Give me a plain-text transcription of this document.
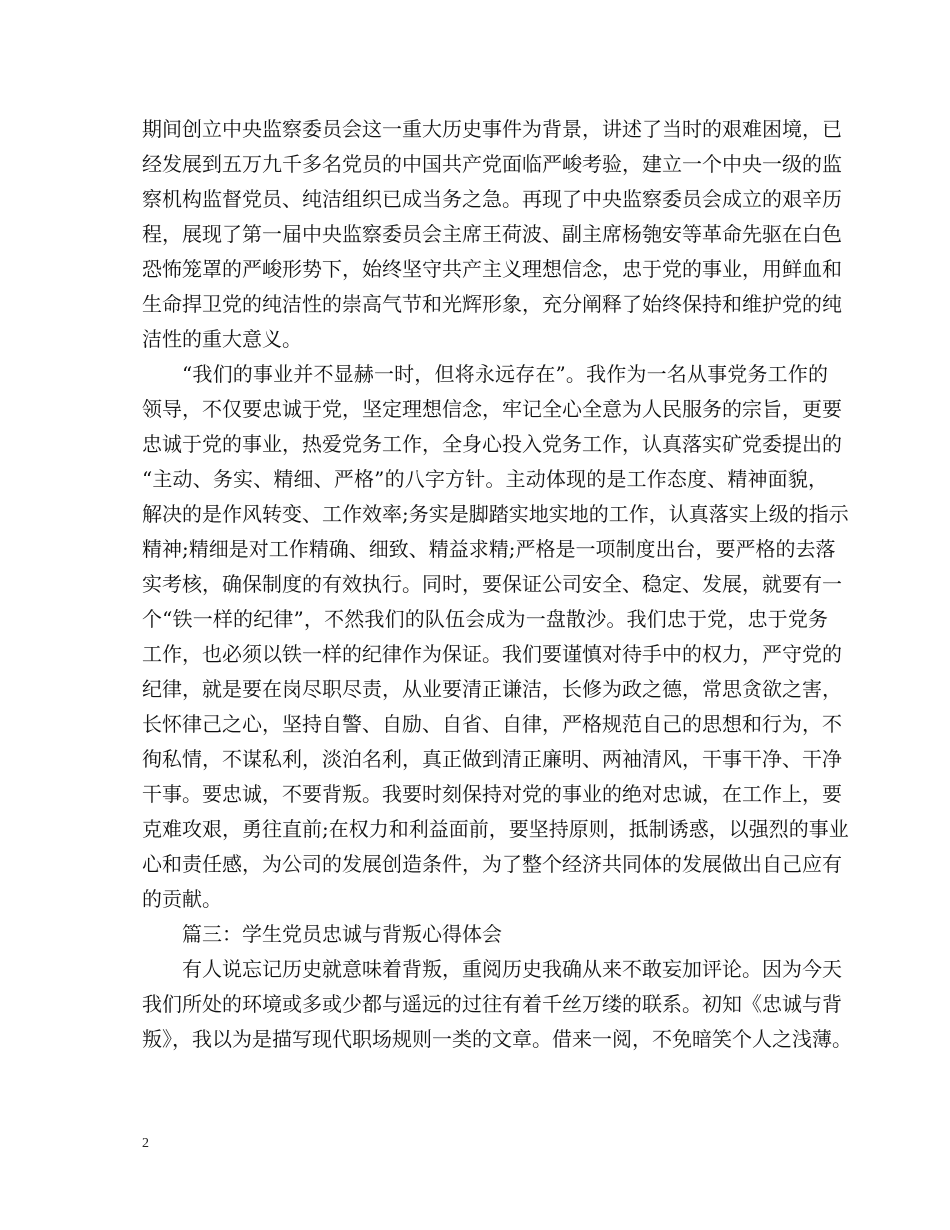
期间创立中央监察委员会这一重大历史事件为背景，讲述了当时的艰难困境，已
经发展到五万九千多名党员的中国共产党面临严峻考验，建立一个中央一级的监
察机构监督党员、纯洁组织已成当务之急。再现了中央监察委员会成立的艰辛历
程，展现了第一届中央监察委员会主席王荷波、副主席杨匏安等革命先驱在白色
恐怖笼罩的严峻形势下，始终坚守共产主义理想信念，忠于党的事业，用鲜血和
生命捍卫党的纯洁性的崇高气节和光辉形象，充分阐释了始终保持和维护党的纯
洁性的重大意义。
“我们的事业并不显赫一时，但将永远存在”。我作为一名从事党务工作的
领导，不仅要忠诚于党，坚定理想信念，牢记全心全意为人民服务的宗旨，更要
忠诚于党的事业，热爱党务工作，全身心投入党务工作，认真落实矿党委提出的
“主动、务实、精细、严格”的八字方针。主动体现的是工作态度、精神面貌，
解决的是作风转变、工作效率;务实是脚踏实地实地的工作，认真落实上级的指示
精神;精细是对工作精确、细致、精益求精;严格是一项制度出台，要严格的去落
实考核，确保制度的有效执行。同时，要保证公司安全、稳定、发展，就要有一
个“铁一样的纪律”，不然我们的队伍会成为一盘散沙。我们忠于党，忠于党务
工作，也必须以铁一样的纪律作为保证。我们要谨慎对待手中的权力，严守党的
纪律，就是要在岗尽职尽责，从业要清正谦洁，长修为政之德，常思贪欲之害，
长怀律己之心，坚持自警、自励、自省、自律，严格规范自己的思想和行为，不
徇私情，不谋私利，淡泊名利，真正做到清正廉明、两袖清风，干事干净、干净
干事。要忠诚，不要背叛。我要时刻保持对党的事业的绝对忠诚，在工作上，要
克难攻艰，勇往直前;在权力和利益面前，要坚持原则，抵制诱惑，以强烈的事业
心和责任感，为公司的发展创造条件，为了整个经济共同体的发展做出自己应有
的贡献。
篇三：学生党员忠诚与背叛心得体会
有人说忘记历史就意味着背叛，重阅历史我确从来不敢妄加评论。因为今天
我们所处的环境或多或少都与遥远的过往有着千丝万缕的联系。初知《忠诚与背
叛》，我以为是描写现代职场规则一类的文章。借来一阅，不免暗笑个人之浅薄。
2
